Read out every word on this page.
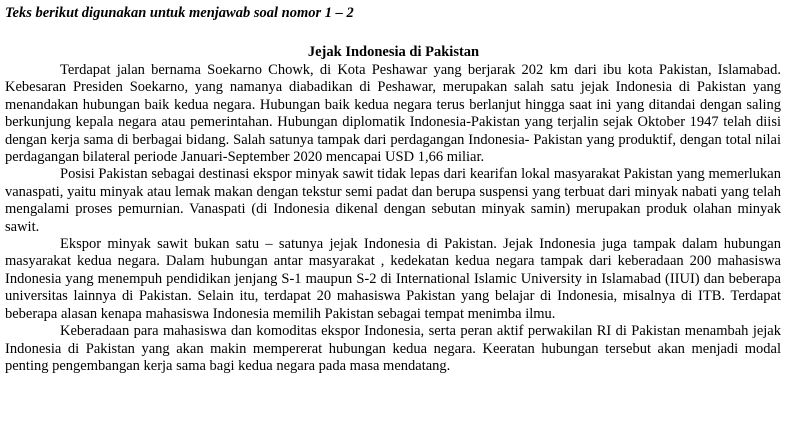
Teks berikut digunakan untuk menjawab soal nomor 1 – 2
Jejak Indonesia di Pakistan

Terdapat jalan bernama Soekarno Chowk, di Kota Peshawar yang berjarak 202 km dari ibu kota Pakistan, Islamabad. Kebesaran Presiden Soekarno, yang namanya diabadikan di Peshawar, merupakan salah satu jejak Indonesia di Pakistan yang menandakan hubungan baik kedua negara. Hubungan baik kedua negara terus berlanjut hingga saat ini yang ditandai dengan saling berkunjung kepala negara atau pemerintahan. Hubungan diplomatik Indonesia-Pakistan yang terjalin sejak Oktober 1947 telah diisi dengan kerja sama di berbagai bidang. Salah satunya tampak dari perdagangan Indonesia- Pakistan yang produktif, dengan total nilai perdagangan bilateral periode Januari-September 2020 mencapai USD 1,66 miliar.

Posisi Pakistan sebagai destinasi ekspor minyak sawit tidak lepas dari kearifan lokal masyarakat Pakistan yang memerlukan vanaspati, yaitu minyak atau lemak makan dengan tekstur semi padat dan berupa suspensi yang terbuat dari minyak nabati yang telah mengalami proses pemurnian. Vanaspati (di Indonesia dikenal dengan sebutan minyak samin) merupakan produk olahan minyak sawit.

Ekspor minyak sawit bukan satu – satunya jejak Indonesia di Pakistan. Jejak Indonesia juga tampak dalam hubungan masyarakat kedua negara. Dalam hubungan antar masyarakat , kedekatan kedua negara tampak dari keberadaan 200 mahasiswa Indonesia yang menempuh pendidikan jenjang S-1 maupun S-2 di International Islamic University in Islamabad (IIUI) dan beberapa universitas lainnya di Pakistan. Selain itu, terdapat 20 mahasiswa Pakistan yang belajar di Indonesia, misalnya di ITB. Terdapat beberapa alasan kenapa mahasiswa Indonesia memilih Pakistan sebagai tempat menimba ilmu.

Keberadaan para mahasiswa dan komoditas ekspor Indonesia, serta peran aktif perwakilan RI di Pakistan menambah jejak Indonesia di Pakistan yang akan makin mempererat hubungan kedua negara. Keeratan hubungan tersebut akan menjadi modal penting pengembangan kerja sama bagi kedua negara pada masa mendatang.
